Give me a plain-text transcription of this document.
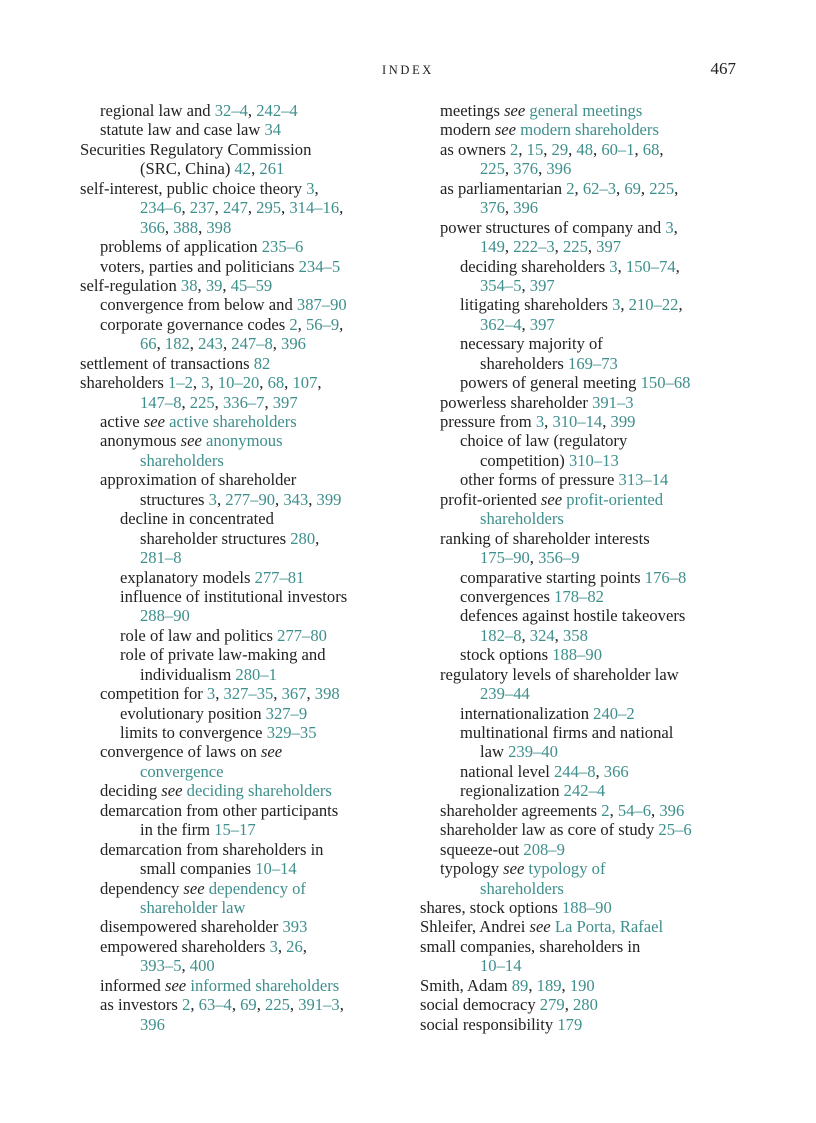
INDEX	467
regional law and 32–4, 242–4
statute law and case law 34
Securities Regulatory Commission
(SRC, China) 42, 261
self-interest, public choice theory 3,
234–6, 237, 247, 295, 314–16,
366, 388, 398
problems of application 235–6
voters, parties and politicians 234–5
self-regulation 38, 39, 45–59
convergence from below and 387–90
corporate governance codes 2, 56–9,
66, 182, 243, 247–8, 396
settlement of transactions 82
shareholders 1–2, 3, 10–20, 68, 107,
147–8, 225, 336–7, 397
active see active shareholders
anonymous see anonymous
shareholders
approximation of shareholder
structures 3, 277–90, 343, 399
decline in concentrated
shareholder structures 280,
281–8
explanatory models 277–81
influence of institutional investors
288–90
role of law and politics 277–80
role of private law-making and
individualism 280–1
competition for 3, 327–35, 367, 398
evolutionary position 327–9
limits to convergence 329–35
convergence of laws on see
convergence
deciding see deciding shareholders
demarcation from other participants
in the firm 15–17
demarcation from shareholders in
small companies 10–14
dependency see dependency of
shareholder law
disempowered shareholder 393
empowered shareholders 3, 26,
393–5, 400
informed see informed shareholders
as investors 2, 63–4, 69, 225, 391–3,
396
meetings see general meetings
modern see modern shareholders
as owners 2, 15, 29, 48, 60–1, 68,
225, 376, 396
as parliamentarian 2, 62–3, 69, 225,
376, 396
power structures of company and 3,
149, 222–3, 225, 397
deciding shareholders 3, 150–74,
354–5, 397
litigating shareholders 3, 210–22,
362–4, 397
necessary majority of
shareholders 169–73
powers of general meeting 150–68
powerless shareholder 391–3
pressure from 3, 310–14, 399
choice of law (regulatory
competition) 310–13
other forms of pressure 313–14
profit-oriented see profit-oriented
shareholders
ranking of shareholder interests
175–90, 356–9
comparative starting points 176–8
convergences 178–82
defences against hostile takeovers
182–8, 324, 358
stock options 188–90
regulatory levels of shareholder law
239–44
internationalization 240–2
multinational firms and national
law 239–40
national level 244–8, 366
regionalization 242–4
shareholder agreements 2, 54–6, 396
shareholder law as core of study 25–6
squeeze-out 208–9
typology see typology of
shareholders
shares, stock options 188–90
Shleifer, Andrei see La Porta, Rafael
small companies, shareholders in
10–14
Smith, Adam 89, 189, 190
social democracy 279, 280
social responsibility 179
